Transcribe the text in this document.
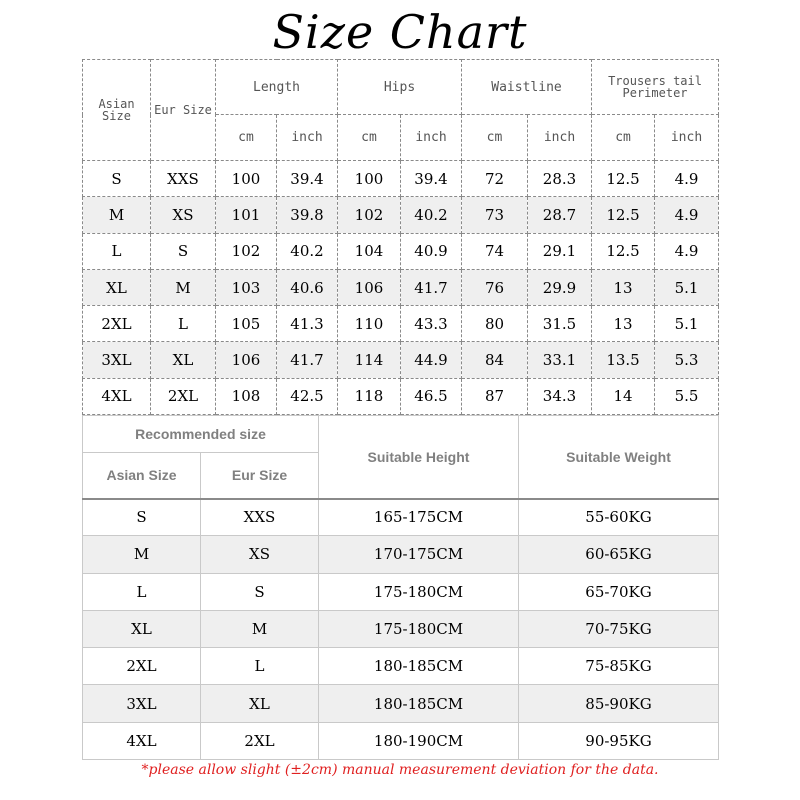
Size Chart
Asian Size	Eur Size	Length		Hips		Waistline		Trousers tail Perimeter	
		cm	inch	cm	inch	cm	inch	cm	inch
S	XXS	100	39.4	100	39.4	72	28.3	12.5	4.9
M	XS	101	39.8	102	40.2	73	28.7	12.5	4.9
L	S	102	40.2	104	40.9	74	29.1	12.5	4.9
XL	M	103	40.6	106	41.7	76	29.9	13	5.1
2XL	L	105	41.3	110	43.3	80	31.5	13	5.1
3XL	XL	106	41.7	114	44.9	84	33.1	13.5	5.3
4XL	2XL	108	42.5	118	46.5	87	34.3	14	5.5
Recommended size		Suitable Height	Suitable Weight
Asian Size	Eur Size		
S	XXS	165-175CM	55-60KG
M	XS	170-175CM	60-65KG
L	S	175-180CM	65-70KG
XL	M	175-180CM	70-75KG
2XL	L	180-185CM	75-85KG
3XL	XL	180-185CM	85-90KG
4XL	2XL	180-190CM	90-95KG
*please allow slight (±2cm) manual measurement deviation for the data.
